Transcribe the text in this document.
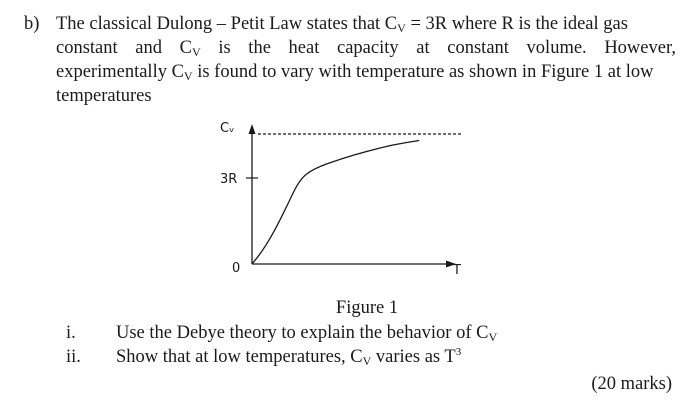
b) The classical Dulong – Petit Law states that $C_V = 3R$ where R is the ideal gas
constant and $C_V$ is the heat capacity at constant volume. However,
experimentally $C_V$ is found to vary with temperature as shown in Figure 1 at low
temperatures
Cᵥ
3R
0	T
Figure 1
i.	Use the Debye theory to explain the behavior of $C_V$
ii.	Show that at low temperatures, $C_V$ varies as $T^3$
(20 marks)
